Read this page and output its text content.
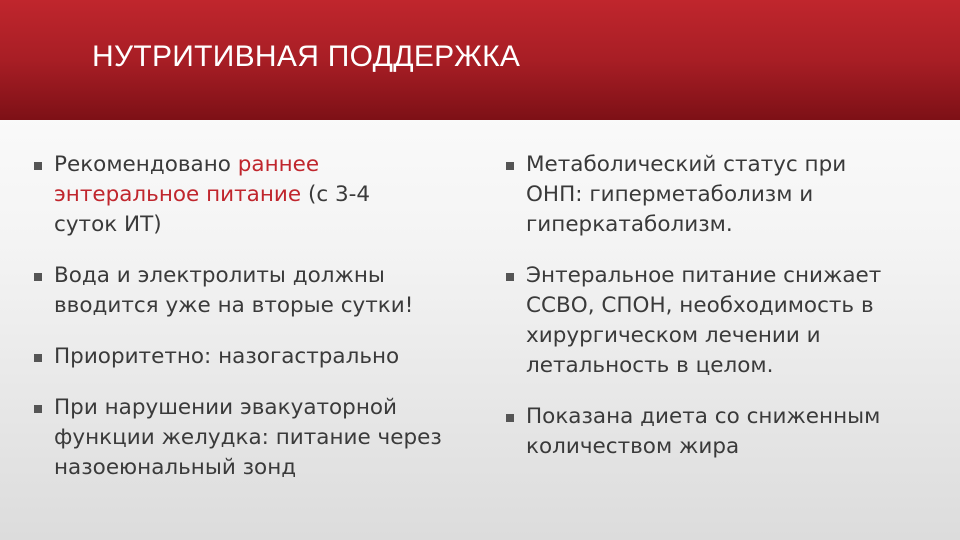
НУТРИТИВНАЯ ПОДДЕРЖКА
Рекомендовано раннее энтеральное питание (с 3-4 суток ИТ)
Вода и электролиты должны вводится уже на вторые сутки!
Приоритетно: назогастрально
При нарушении эвакуаторной функции желудка: питание через назоеюнальный зонд
Метаболический статус при ОНП: гиперметаболизм и гиперкатаболизм.
Энтеральное питание снижает ССВО, СПОН, необходимость в хирургическом лечении и летальность в целом.
Показана диета со сниженным количеством жира
